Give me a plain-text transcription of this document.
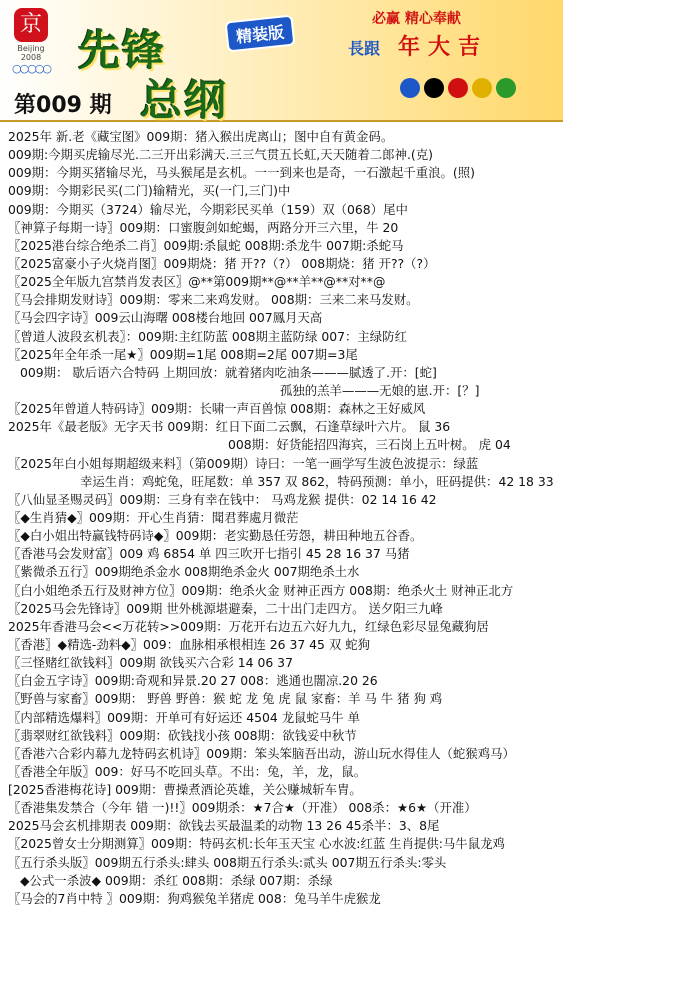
京
Beijing 2008
○○○○○ 先锋	精装版
总纲
第009 期
必赢 精心奉献
長跟 年大吉
2025年 新.老《藏宝图》009期：猪入猴出虎离山；图中自有黄金码。
009期:今期买虎输尽光.二三开出彩满天.三三气贯五长虹,天天随着二郎神.(克)
009期：今期买猪输尽光，马头猴尾是玄机。一一到来也是奇，一石激起千重浪。(照)
009期：今期彩民买(二门)输精光，买(一门,三门)中
009期：今期买（3724）输尽光，今期彩民买单（159）双（068）尾中
〖神算子每期一诗〗009期：口蜜腹剑如蛇蝎，两路分开三六里，牛 20
〖2025港台综合绝杀二肖〗009期:杀鼠蛇 008期:杀龙牛 007期:杀蛇马
〖2025富豪小子火烧肖图〗009期烧：猪 开??（?） 008期烧：猪 开??（?）
〖2025全年版九宫禁肖发表区〗@**第009期**@**羊**@**对**@
〖马会排期发财诗〗009期：零来二来鸡发财。 008期：三来二来马发财。
〖马会四字诗〗009云山海曙 008楼台地回 007鳳月天高
〖曾道人波段玄机表〗：009期:主红防蓝 008期主蓝防绿 007：主绿防红
〖2025年全年杀一尾★〗009期=1尾 008期=2尾 007期=3尾
009期： 歇后语六合特码 上期回放：就着猪肉吃油条———腻透了.开：[蛇]
孤独的羔羊———无娘的崽.开：[？]
〖2025年曾道人特码诗〗009期：长啸一声百兽惊 008期：森林之王好威风
2025年《最老版》无字天书 009期：红日下面二云飘，石逢草绿叶六片。 鼠 36
008期：好货能招四海宾，三石岗上五叶树。 虎 04
〖2025年白小姐每期超级来料〗（第009期）诗曰：一笔一画学写生波色波提示：绿蓝
幸运生肖：鸡蛇兔，旺尾数：单 357 双 862，特码预测：单小，旺码提供：42 18 33
〖八仙显圣赐灵码〗009期：三身有幸在钱中： 马鸡龙猴 提供：02 14 16 42
〖◆生肖猜◆〗009期：开心生肖猜：聞君葬處月微茫
〖◆白小姐出特赢钱特码诗◆〗009期：老实勤恳任劳怨，耕田种地五谷香。
〖香港马会发财富〗009 鸡 6854 单 四三吹开七指引 45 28 16 37 马猪
〖紫微杀五行〗009期绝杀金水 008期绝杀金火 007期绝杀土水
〖白小姐绝杀五行及财神方位〗009期：绝杀火金 财神正西方 008期：绝杀火土 财神正北方
〖2025马会先锋诗〗009期 世外桃源堪避秦，二十出门走四方。 送夕阳三九峰
2025年香港马会<<万花转>>009期：万花开右边五六好九九，红绿色彩尽显兔藏狗居
〖香港〗◆精选-劲料◆〗009：血脉相承根相连 26 37 45 双 蛇狗
〖三怪赌红欲钱料〗009期 欲钱买六合彩 14 06 37
〖白金五字诗〗009期:奇观和异景.20 27 008：逃通也闇凉.20 26
〖野兽与家畜〗009期： 野兽 野兽：猴 蛇 龙 兔 虎 鼠 家畜：羊 马 牛 猪 狗 鸡
〖内部精选爆料〗009期：开单可有好运还 4504 龙鼠蛇马牛 单
〖翡翠财红欲钱料〗009期：砍钱找小孩 008期：欲钱妥中秋节
〖香港六合彩内幕九龙特码玄机诗〗009期：笨头笨脑吾出动，游山玩水得佳人（蛇猴鸡马）
〖香港全年版〗009：好马不吃回头草。不出：兔，羊，龙，鼠。
[2025香港梅花诗] 009期：曹操煮酒论英雄，关公赚城斩车胄。
〖香港集发禁合（今年 错 一)!!〗009期杀：★7合★（开准） 008杀：★6★（开准）
2025马会玄机排期表 009期：欲钱去买最温柔的动物 13 26 45杀半：3、8尾
〖2025曾女士分期测算〗009期：特码玄机:长年玉天宝 心水波:红蓝 生肖提供:马牛鼠龙鸡
〖五行杀头版〗009期五行杀头:肆头 008期五行杀头:贰头 007期五行杀头:零头
◆公式一杀波◆ 009期：杀红 008期：杀绿 007期：杀绿
〖马会的7肖中特 〗009期：狗鸡猴兔羊猪虎 008：兔马羊牛虎猴龙
